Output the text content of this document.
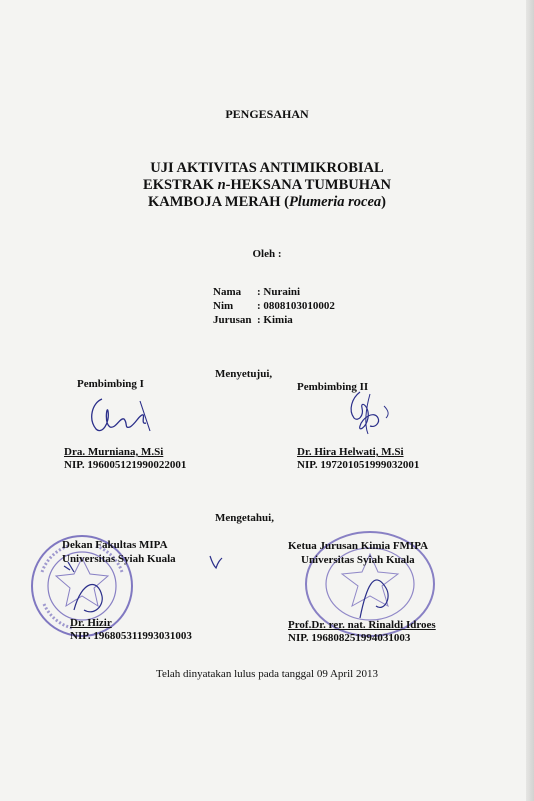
PENGESAHAN
UJI AKTIVITAS ANTIMIKROBIAL
EKSTRAK n-HEKSANA TUMBUHAN
KAMBOJA MERAH (Plumeria rocea)
Oleh :
Nama : Nuraini
Nim : 0808103010002
Jurusan : Kimia
Menyetujui,
Pembimbing I	Pembimbing II
Dra. Murniana, M.Si
NIP. 196005121990022001
Dr. Hira Helwati, M.Si
NIP. 197201051999032001
Mengetahui,
Dekan Fakultas MIPA
Universitas Syiah Kuala
Dr. Hizir
NIP. 196805311993031003
Ketua Jurusan Kimia FMIPA
Universitas Syiah Kuala
Prof.Dr. rer. nat. Rinaldi Idroes
NIP. 196808251994031003
Telah dinyatakan lulus pada tanggal 09 April 2013
